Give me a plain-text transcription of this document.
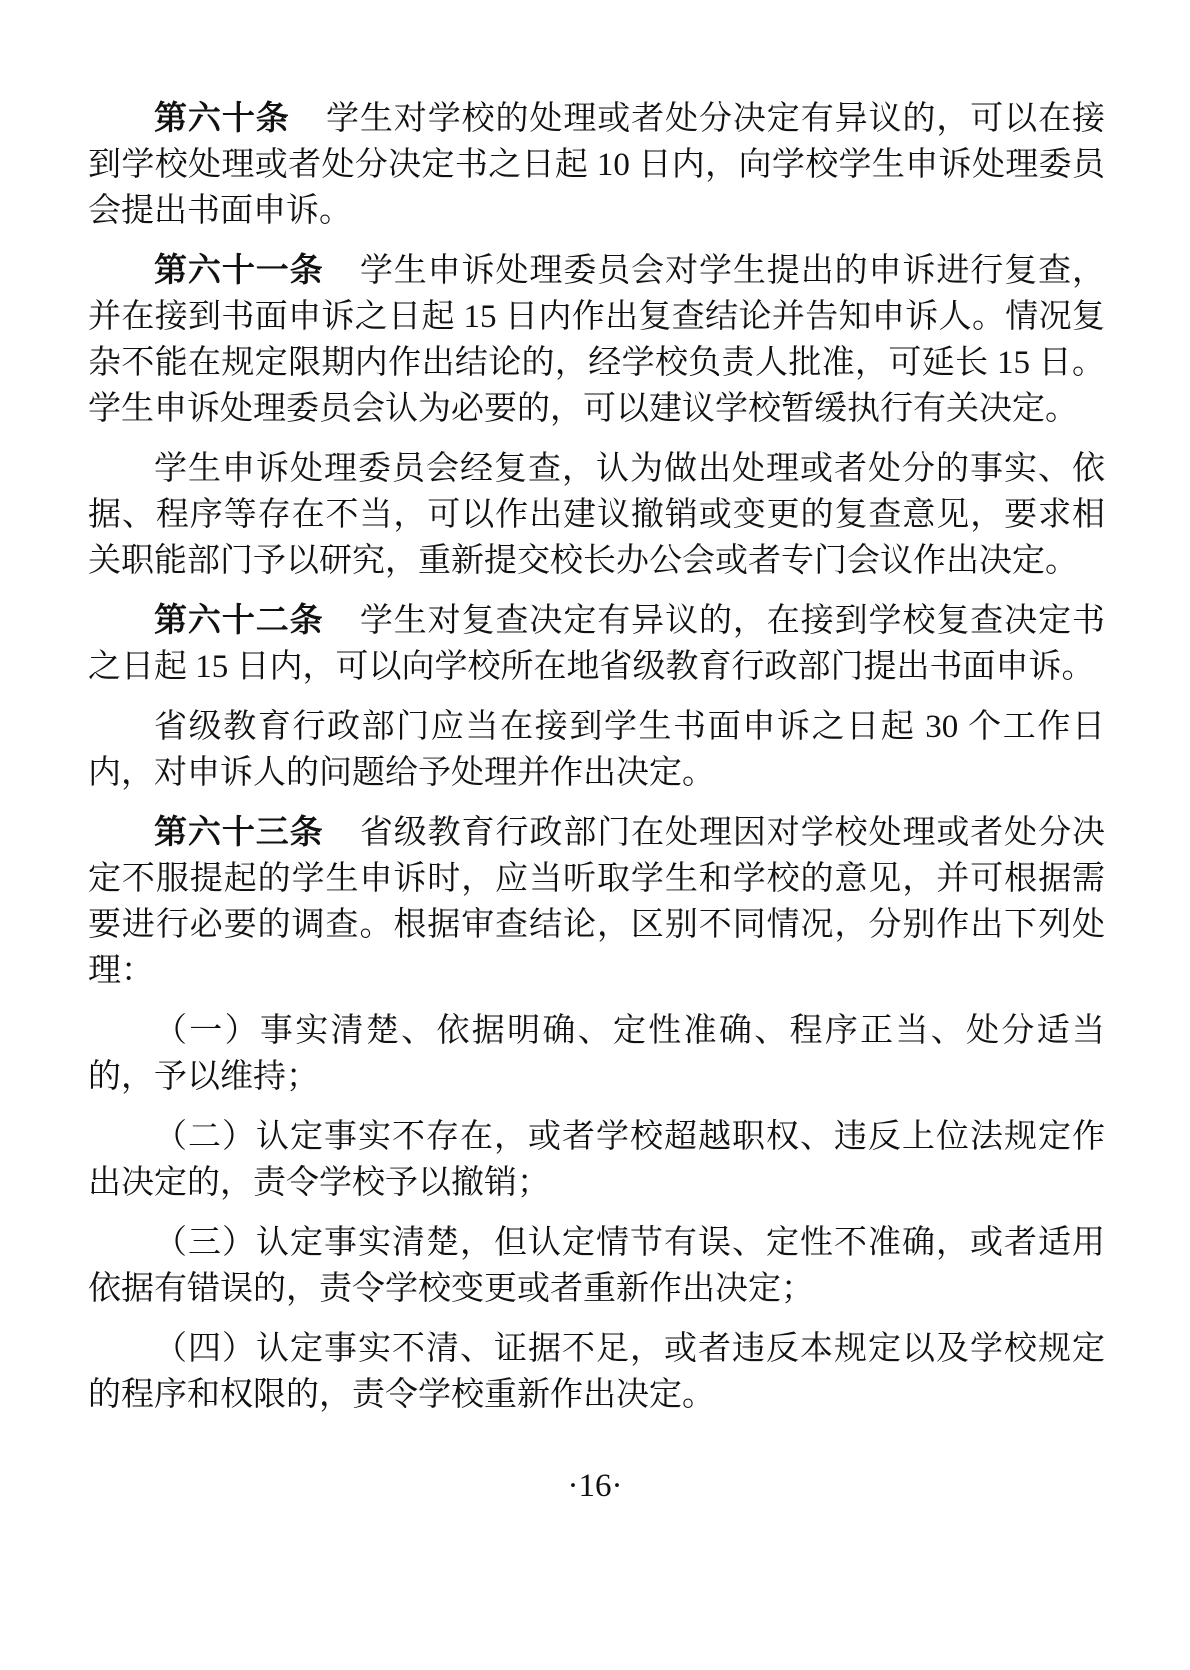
第六十条 学生对学校的处理或者处分决定有异议的，可以在接到学校处理或者处分决定书之日起 10 日内，向学校学生申诉处理委员会提出书面申诉。

第六十一条 学生申诉处理委员会对学生提出的申诉进行复查，并在接到书面申诉之日起 15 日内作出复查结论并告知申诉人。情况复杂不能在规定限期内作出结论的，经学校负责人批准，可延长 15 日。学生申诉处理委员会认为必要的，可以建议学校暂缓执行有关决定。

学生申诉处理委员会经复查，认为做出处理或者处分的事实、依据、程序等存在不当，可以作出建议撤销或变更的复查意见，要求相关职能部门予以研究，重新提交校长办公会或者专门会议作出决定。

第六十二条 学生对复查决定有异议的，在接到学校复查决定书之日起 15 日内，可以向学校所在地省级教育行政部门提出书面申诉。

省级教育行政部门应当在接到学生书面申诉之日起 30 个工作日内，对申诉人的问题给予处理并作出决定。

第六十三条 省级教育行政部门在处理因对学校处理或者处分决定不服提起的学生申诉时，应当听取学生和学校的意见，并可根据需要进行必要的调查。根据审查结论，区别不同情况，分别作出下列处理：

（一）事实清楚、依据明确、定性准确、程序正当、处分适当的，予以维持；

（二）认定事实不存在，或者学校超越职权、违反上位法规定作出决定的，责令学校予以撤销；

（三）认定事实清楚，但认定情节有误、定性不准确，或者适用依据有错误的，责令学校变更或者重新作出决定；

（四）认定事实不清、证据不足，或者违反本规定以及学校规定的程序和权限的，责令学校重新作出决定。

·16·
